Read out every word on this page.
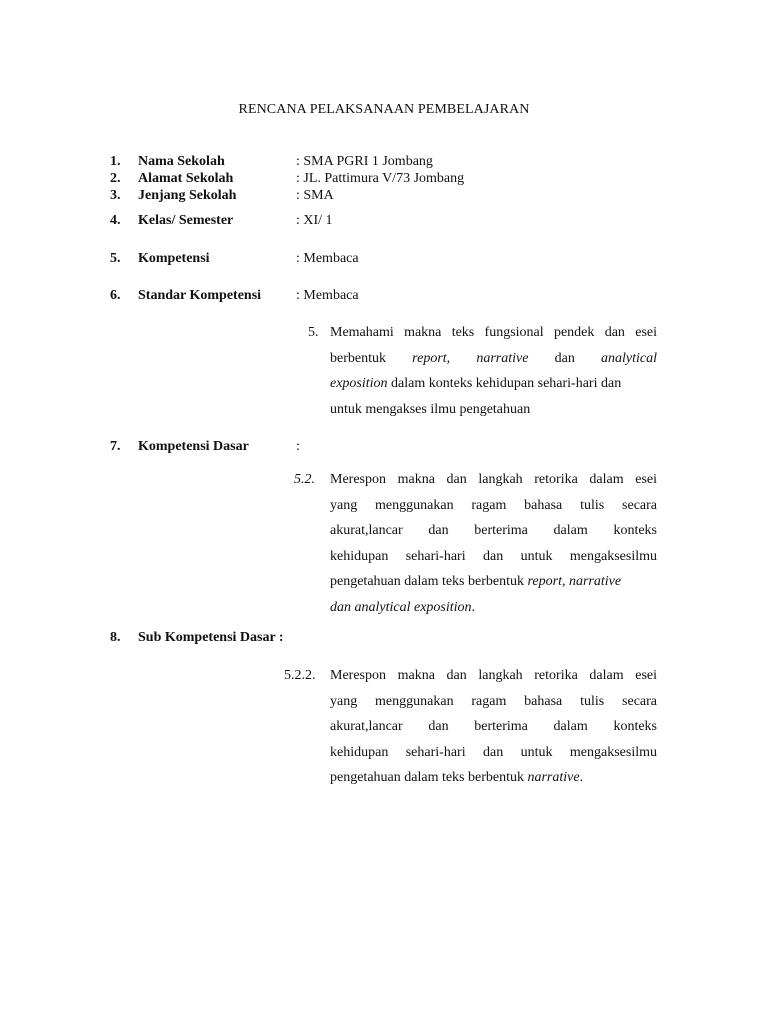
RENCANA PELAKSANAAN PEMBELAJARAN
1. Nama Sekolah	: SMA PGRI 1 Jombang
2. Alamat Sekolah	: JL. Pattimura V/73 Jombang
3. Jenjang Sekolah	: SMA
4. Kelas/ Semester	: XI/ 1
5. Kompetensi	: Membaca
6. Standar Kompetensi : Membaca
5. Memahami makna teks fungsional pendek dan esei
berbentuk report, narrative dan analytical
exposition dalam konteks kehidupan sehari-hari dan
untuk mengakses ilmu pengetahuan
7. Kompetensi Dasar	:
5.2. Merespon makna dan langkah retorika dalam esei
yang menggunakan ragam bahasa tulis secara
akurat,lancar dan berterima dalam konteks
kehidupan sehari-hari dan untuk mengaksesilmu
pengetahuan dalam teks berbentuk report, narrative
dan analytical exposition.
8. Sub Kompetensi Dasar :
5.2.2. Merespon makna dan langkah retorika dalam esei
yang menggunakan ragam bahasa tulis secara
akurat,lancar dan berterima dalam konteks
kehidupan sehari-hari dan untuk mengaksesilmu
pengetahuan dalam teks berbentuk narrative.
